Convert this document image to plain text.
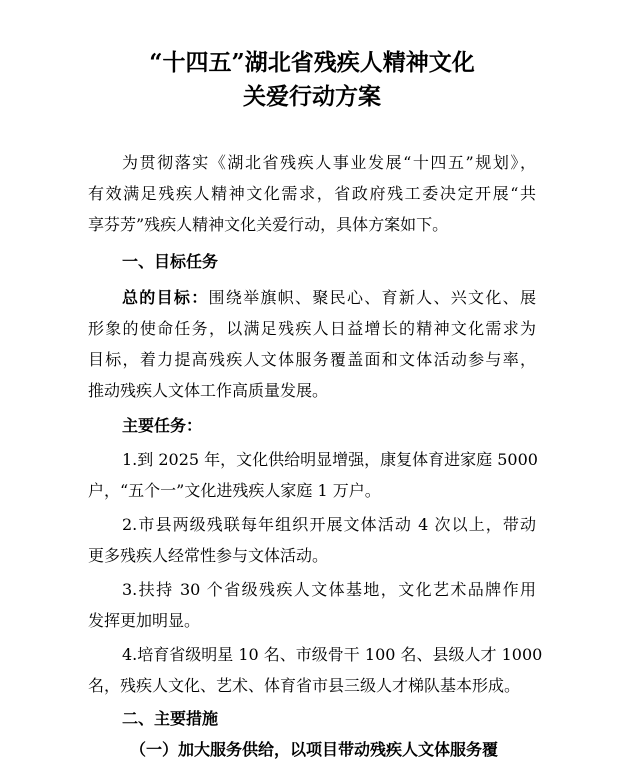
“十四五”湖北省残疾人精神文化
关爱行动方案
为贯彻落实《湖北省残疾人事业发展“十四五”规划》，
有效满足残疾人精神文化需求，省政府残工委决定开展“共
享芬芳”残疾人精神文化关爱行动，具体方案如下。
一、目标任务
总的目标：围绕举旗帜、聚民心、育新人、兴文化、展
形象的使命任务，以满足残疾人日益增长的精神文化需求为
目标，着力提高残疾人文体服务覆盖面和文体活动参与率，
推动残疾人文体工作高质量发展。
主要任务：
1.到 2025 年，文化供给明显增强，康复体育进家庭 5000
户，“五个一”文化进残疾人家庭 1 万户。
2.市县两级残联每年组织开展文体活动 4 次以上，带动
更多残疾人经常性参与文体活动。
3.扶持 30 个省级残疾人文体基地，文化艺术品牌作用
发挥更加明显。
4.培育省级明星 10 名、市级骨干 100 名、县级人才 1000
名，残疾人文化、艺术、体育省市县三级人才梯队基本形成。
二、主要措施
（一）加大服务供给，以项目带动残疾人文体服务覆
